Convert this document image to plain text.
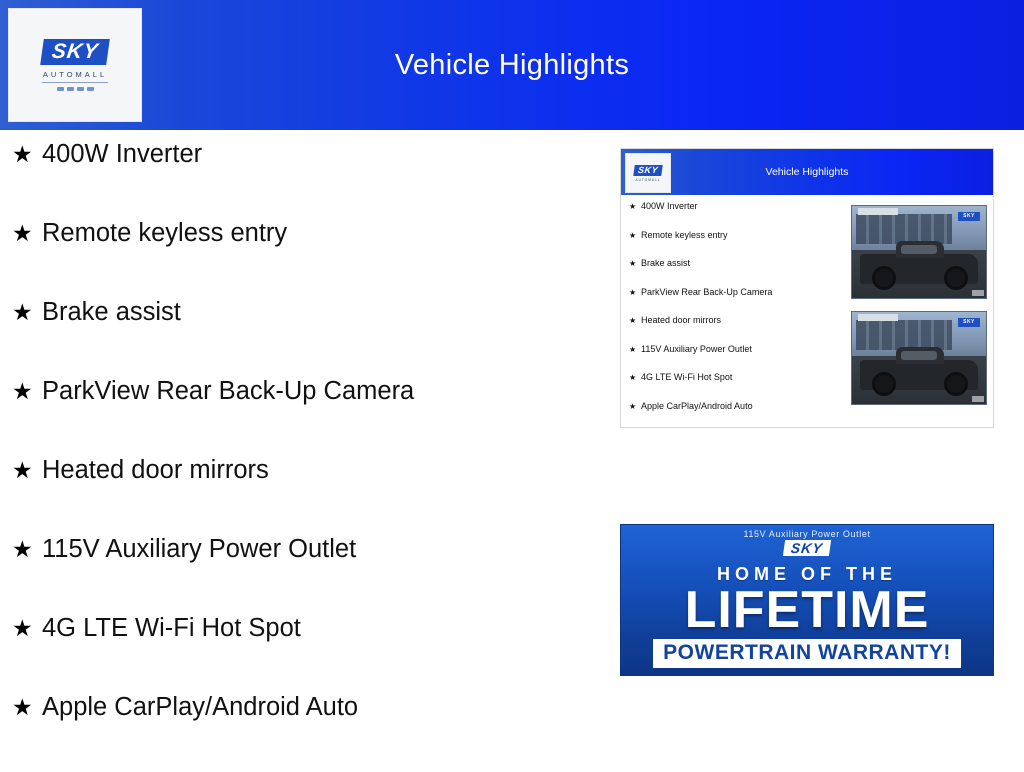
Vehicle Highlights
SKY
AUTOMALL
★ 400W Inverter
★ Remote keyless entry
★ Brake assist
★ ParkView Rear Back-Up Camera
★ Heated door mirrors
★ 115V Auxiliary Power Outlet
★ 4G LTE Wi-Fi Hot Spot
★ Apple CarPlay/Android Auto
Vehicle Highlights
SKY
AUTOMALL
★ 400W Inverter
★ Remote keyless entry
★ Brake assist
★ ParkView Rear Back-Up Camera
★ Heated door mirrors
★ 115V Auxiliary Power Outlet
★ 4G LTE Wi-Fi Hot Spot
★ Apple CarPlay/Android Auto
SKY
SKY
115V Auxiliary Power Outlet
SKY
HOME OF THE
LIFETIME
POWERTRAIN WARRANTY!
